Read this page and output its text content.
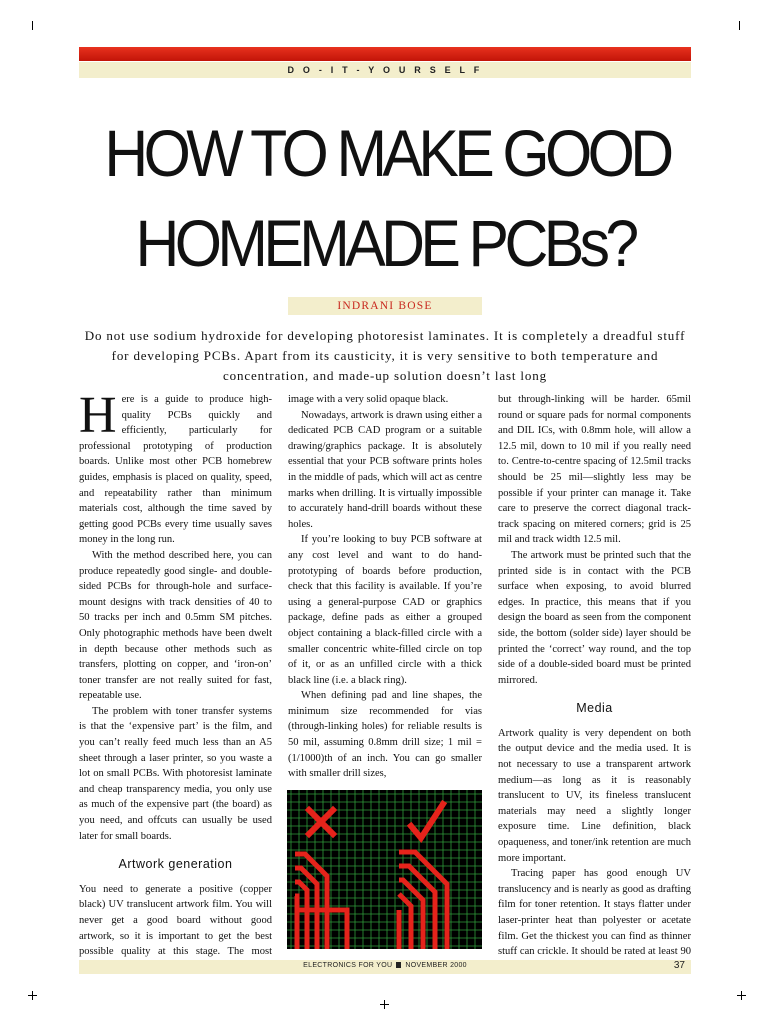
D O - I T - Y O U R S E L F
HOW TO MAKE GOOD
HOMEMADE PCBs?
INDRANI BOSE
Do not use sodium hydroxide for developing photoresist laminates. It is completely a dreadful stuff for developing PCBs. Apart from its causticity, it is very sensitive to both temperature and concentration, and made-up solution doesn’t last long

Here is a guide to produce high-quality PCBs quickly and efficiently, particularly for professional prototyping of production boards. Unlike most other PCB homebrew guides, emphasis is placed on quality, speed, and repeatability rather than minimum materials cost, although the time saved by getting good PCBs every time usually saves money in the long run.

With the method described here, you can produce repeatedly good single- and double-sided PCBs for through-hole and surface-mount designs with track densities of 40 to 50 tracks per inch and 0.5mm SM pitches. Only photographic methods have been dwelt in depth because other methods such as transfers, plotting on copper, and ‘iron-on’ toner transfer are not really suited for fast, repeatable use.

The problem with toner transfer systems is that the ‘expensive part’ is the film, and you can’t really feed much less than an A5 sheet through a laser printer, so you waste a lot on small PCBs. With photoresist laminate and cheap transparency media, you only use as much of the expensive part (the board) as you need, and offcuts can usually be used later for small boards.

Artwork generation

You need to generate a positive (copper black) UV translucent artwork film. You will never get a good board without good artwork, so it is important to get the best possible quality at this stage. The most

image with a very solid opaque black.

Nowadays, artwork is drawn using either a dedicated PCB CAD program or a suitable drawing/graphics package. It is absolutely essential that your PCB software prints holes in the middle of pads, which will act as centre marks when drilling. It is virtually impossible to accurately hand-drill boards without these holes.

If you’re looking to buy PCB software at any cost level and want to do hand-prototyping of boards before production, check that this facility is available. If you’re using a general-purpose CAD or graphics package, define pads as either a grouped object containing a black-filled circle with a smaller concentric white-filled circle on top of it, or as an unfilled circle with a thick black line (i.e. a black ring).

When defining pad and line shapes, the minimum size recommended for vias (through-linking holes) for reliable results is 50 mil, assuming 0.8mm drill size; 1 mil = (1/1000)th of an inch. You can go smaller with smaller drill sizes,

but through-linking will be harder. 65mil round or square pads for normal components and DIL ICs, with 0.8mm hole, will allow a 12.5 mil, down to 10 mil if you really need to. Centre-to-centre spacing of 12.5mil tracks should be 25 mil—slightly less may be possible if your printer can manage it. Take care to preserve the correct diagonal track-track spacing on mitered corners; grid is 25 mil and track width 12.5 mil.

The artwork must be printed such that the printed side is in contact with the PCB surface when exposing, to avoid blurred edges. In practice, this means that if you design the board as seen from the component side, the bottom (solder side) layer should be printed the ‘correct’ way round, and the top side of a double-sided board must be printed mirrored.

Media

Artwork quality is very dependent on both the output device and the media used. It is not necessary to use a transparent artwork medium—as long as it is reasonably translucent to UV, its fineless translucent materials may need a slightly longer exposure time. Line definition, black opaqueness, and toner/ink retention are much more important.

Tracing paper has good enough UV translucency and is nearly as good as drafting film for toner retention. It stays flatter under laser-printer heat than polyester or acetate film. Get the thickest you can find as thinner stuff can crickle. It should be rated at least 90

ELECTRONICS FOR YOU NOVEMBER 2000	37
